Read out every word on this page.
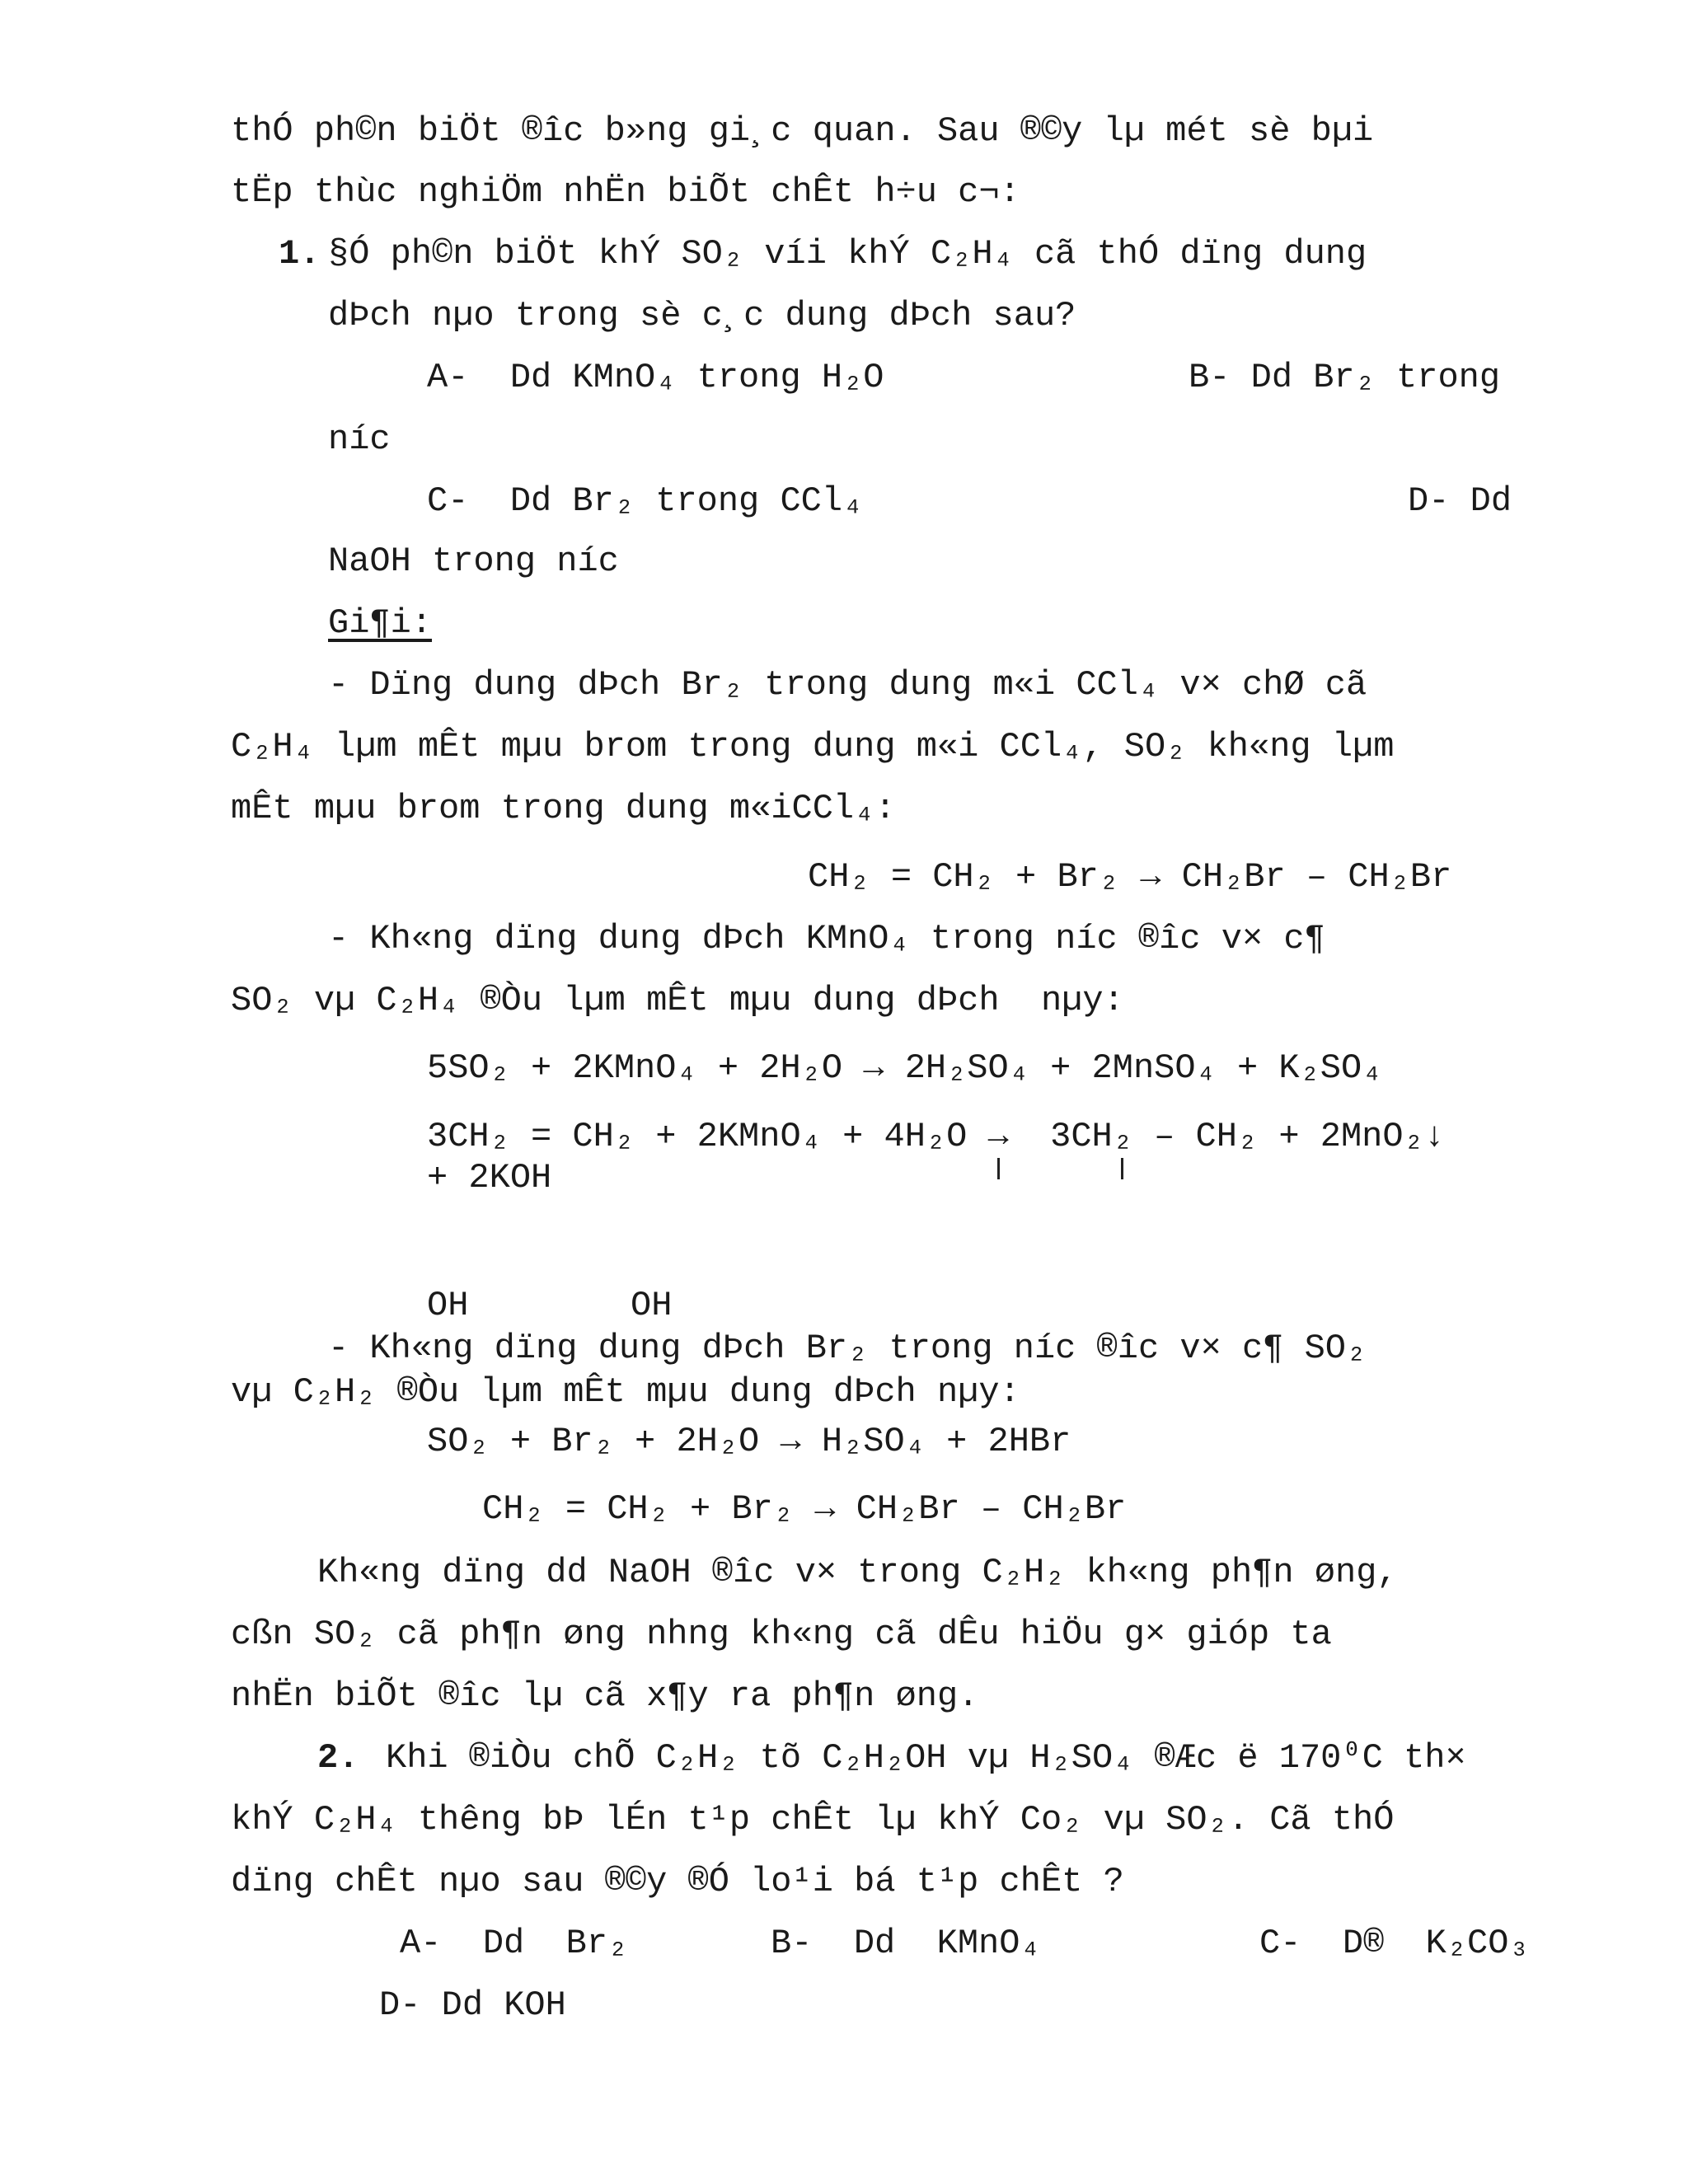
thÓ ph©n biÖt ®îc b»ng gi¸c quan. Sau ®©y lµ mét sè bµi
tËp thùc nghiÖm nhËn biÕt chÊt h÷u c¬:
1. §Ó ph©n biÖt khÝ SO₂ víi khÝ C₂H₄ cã thÓ dïng dung
dÞch nµo trong sè c¸c dung dÞch sau?
A-  Dd KMnO₄ trong H₂O	B- Dd Br₂ trong
níc
C-  Dd Br₂ trong CCl₄	D- Dd
NaOH trong níc
Gi¶i:
- Dïng dung dÞch Br₂ trong dung m«i CCl₄ v× chØ cã
C₂H₄ lµm mÊt mµu brom trong dung m«i CCl₄, SO₂ kh«ng lµm
mÊt mµu brom trong dung m«iCCl₄:
CH₂ = CH₂ + Br₂ → CH₂Br – CH₂Br
- Kh«ng dïng dung dÞch KMnO₄ trong níc ®îc v× c¶
SO₂ vµ C₂H₄ ®Òu lµm mÊt mµu dung dÞch  nµy:
5SO₂ + 2KMnO₄ + 2H₂O → 2H₂SO₄ + 2MnSO₄ + K₂SO₄
3CH₂ = CH₂ + 2KMnO₄ + 4H₂O →  3CH₂ – CH₂ + 2MnO₂↓
+ 2KOH
OH	OH
- Kh«ng dïng dung dÞch Br₂ trong níc ®îc v× c¶ SO₂
vµ C₂H₂ ®Òu lµm mÊt mµu dung dÞch nµy:
SO₂ + Br₂ + 2H₂O → H₂SO₄ + 2HBr
CH₂ = CH₂ + Br₂ → CH₂Br – CH₂Br
Kh«ng dïng dd NaOH ®îc v× trong C₂H₂ kh«ng ph¶n øng,
cßn SO₂ cã ph¶n øng nhng kh«ng cã dÊu hiÖu g× gióp ta
nhËn biÕt ®îc lµ cã x¶y ra ph¶n øng.
2. Khi ®iÒu chÕ C₂H₂ tõ C₂H₂OH vµ H₂SO₄ ®Æc ë 170⁰C th×
khÝ C₂H₄ thêng bÞ lÉn t¹p chÊt lµ khÝ Co₂ vµ SO₂. Cã thÓ
dïng chÊt nµo sau ®©y ®Ó lo¹i bá t¹p chÊt ?
A-  Dd  Br₂	B-  Dd  KMnO₄	C-  D®  K₂CO₃
D- Dd KOH
